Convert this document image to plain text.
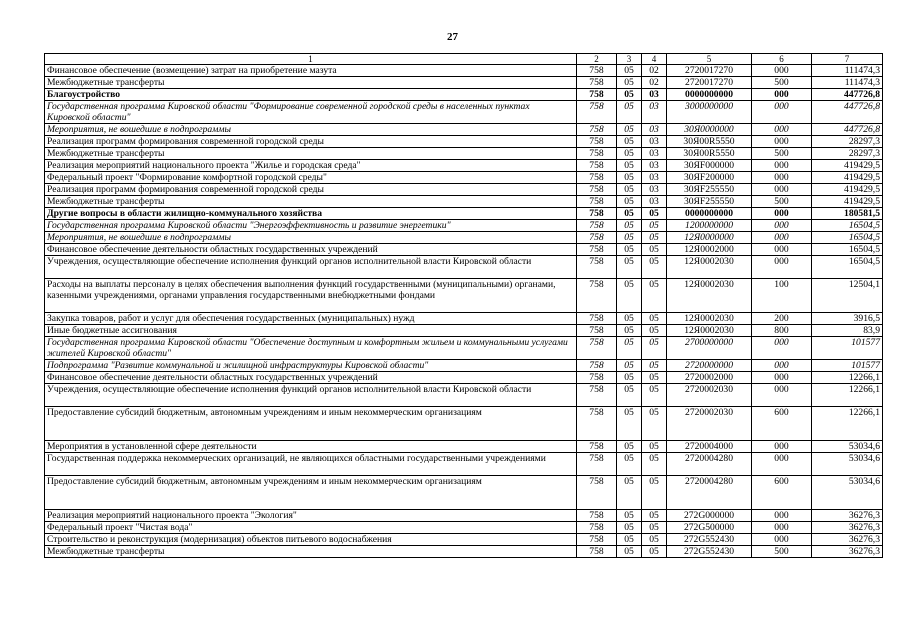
27
1	2	3	4	5	6	7
Финансовое обеспечение (возмещение) затрат на приобретение мазута	758	05	02	2720017270	000	111474,3
Межбюджетные трансферты	758	05	02	2720017270	500	111474,3
Благоустройство	758	05	03	0000000000	000	447726,8
Государственная программа Кировской области "Формирование современной городской среды в населенных пунктах Кировской области"	758	05	03	3000000000	000	447726,8
Мероприятия, не вошедшие в подпрограммы	758	05	03	30Я0000000	000	447726,8
Реализация программ формирования современной городской среды	758	05	03	30Я00R5550	000	28297,3
Межбюджетные трансферты	758	05	03	30Я00R5550	500	28297,3
Реализация мероприятий национального проекта "Жилье и городская среда"	758	05	03	30ЯF000000	000	419429,5
Федеральный проект "Формирование комфортной городской среды"	758	05	03	30ЯF200000	000	419429,5
Реализация программ формирования современной городской среды	758	05	03	30ЯF255550	000	419429,5
Межбюджетные трансферты	758	05	03	30ЯF255550	500	419429,5
Другие вопросы в области жилищно-коммунального хозяйства	758	05	05	0000000000	000	180581,5
Государственная программа Кировской области "Энергоэффективность и развитие энергетики"	758	05	05	1200000000	000	16504,5
Мероприятия, не вошедшие в подпрограммы	758	05	05	12Я0000000	000	16504,5
Финансовое обеспечение деятельности областных государственных учреждений	758	05	05	12Я0002000	000	16504,5
Учреждения, осуществляющие обеспечение исполнения функций органов исполнительной власти Кировской области	758	05	05	12Я0002030	000	16504,5
Расходы на выплаты персоналу в целях обеспечения выполнения функций государственными (муниципальными) органами, казенными учреждениями, органами управления государственными внебюджетными фондами	758	05	05	12Я0002030	100	12504,1
Закупка товаров, работ и услуг для обеспечения государственных (муниципальных) нужд	758	05	05	12Я0002030	200	3916,5
Иные бюджетные ассигнования	758	05	05	12Я0002030	800	83,9
Государственная программа Кировской области "Обеспечение доступным и комфортным жильем и коммунальными услугами жителей Кировской области"	758	05	05	2700000000	000	101577
Подпрограмма "Развитие коммунальной и жилищной инфраструктуры Кировской области"	758	05	05	2720000000	000	101577
Финансовое обеспечение деятельности областных государственных учреждений	758	05	05	2720002000	000	12266,1
Учреждения, осуществляющие обеспечение исполнения функций органов исполнительной власти Кировской области	758	05	05	2720002030	000	12266,1
Предоставление субсидий бюджетным, автономным учреждениям и иным некоммерческим организациям	758	05	05	2720002030	600	12266,1
Мероприятия в установленной сфере деятельности	758	05	05	2720004000	000	53034,6
Государственная поддержка некоммерческих организаций, не являющихся областными государственными учреждениями	758	05	05	2720004280	000	53034,6
Предоставление субсидий бюджетным, автономным учреждениям и иным некоммерческим организациям	758	05	05	2720004280	600	53034,6
Реализация мероприятий национального проекта "Экология"	758	05	05	272G000000	000	36276,3
Федеральный проект "Чистая вода"	758	05	05	272G500000	000	36276,3
Строительство и реконструкция (модернизация) объектов питьевого водоснабжения	758	05	05	272G552430	000	36276,3
Межбюджетные трансферты	758	05	05	272G552430	500	36276,3
